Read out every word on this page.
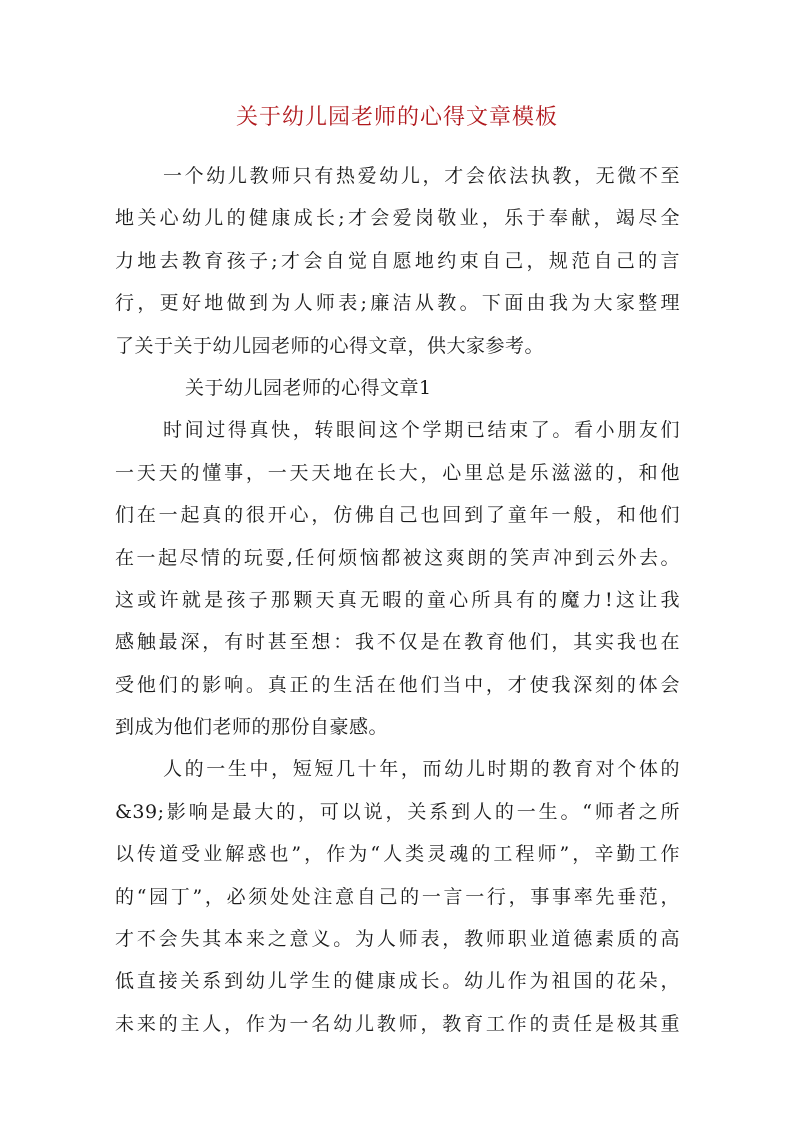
关于幼儿园老师的心得文章模板
一个幼儿教师只有热爱幼儿，才会依法执教，无微不至
地关心幼儿的健康成长;才会爱岗敬业，乐于奉献，竭尽全
力地去教育孩子;才会自觉自愿地约束自己，规范自己的言
行，更好地做到为人师表;廉洁从教。下面由我为大家整理
了关于关于幼儿园老师的心得文章，供大家参考。
关于幼儿园老师的心得文章1
时间过得真快，转眼间这个学期已结束了。看小朋友们
一天天的懂事，一天天地在长大，心里总是乐滋滋的，和他
们在一起真的很开心，仿佛自己也回到了童年一般，和他们
在一起尽情的玩耍,任何烦恼都被这爽朗的笑声冲到云外去。
这或许就是孩子那颗天真无暇的童心所具有的魔力!这让我
感触最深，有时甚至想：我不仅是在教育他们，其实我也在
受他们的影响。真正的生活在他们当中，才使我深刻的体会
到成为他们老师的那份自豪感。
人的一生中，短短几十年，而幼儿时期的教育对个体的
&39;影响是最大的，可以说，关系到人的一生。“师者之所
以传道受业解惑也”，作为“人类灵魂的工程师”，辛勤工作
的“园丁”，必须处处注意自己的一言一行，事事率先垂范，
才不会失其本来之意义。为人师表，教师职业道德素质的高
低直接关系到幼儿学生的健康成长。幼儿作为祖国的花朵，
未来的主人，作为一名幼儿教师，教育工作的责任是极其重
